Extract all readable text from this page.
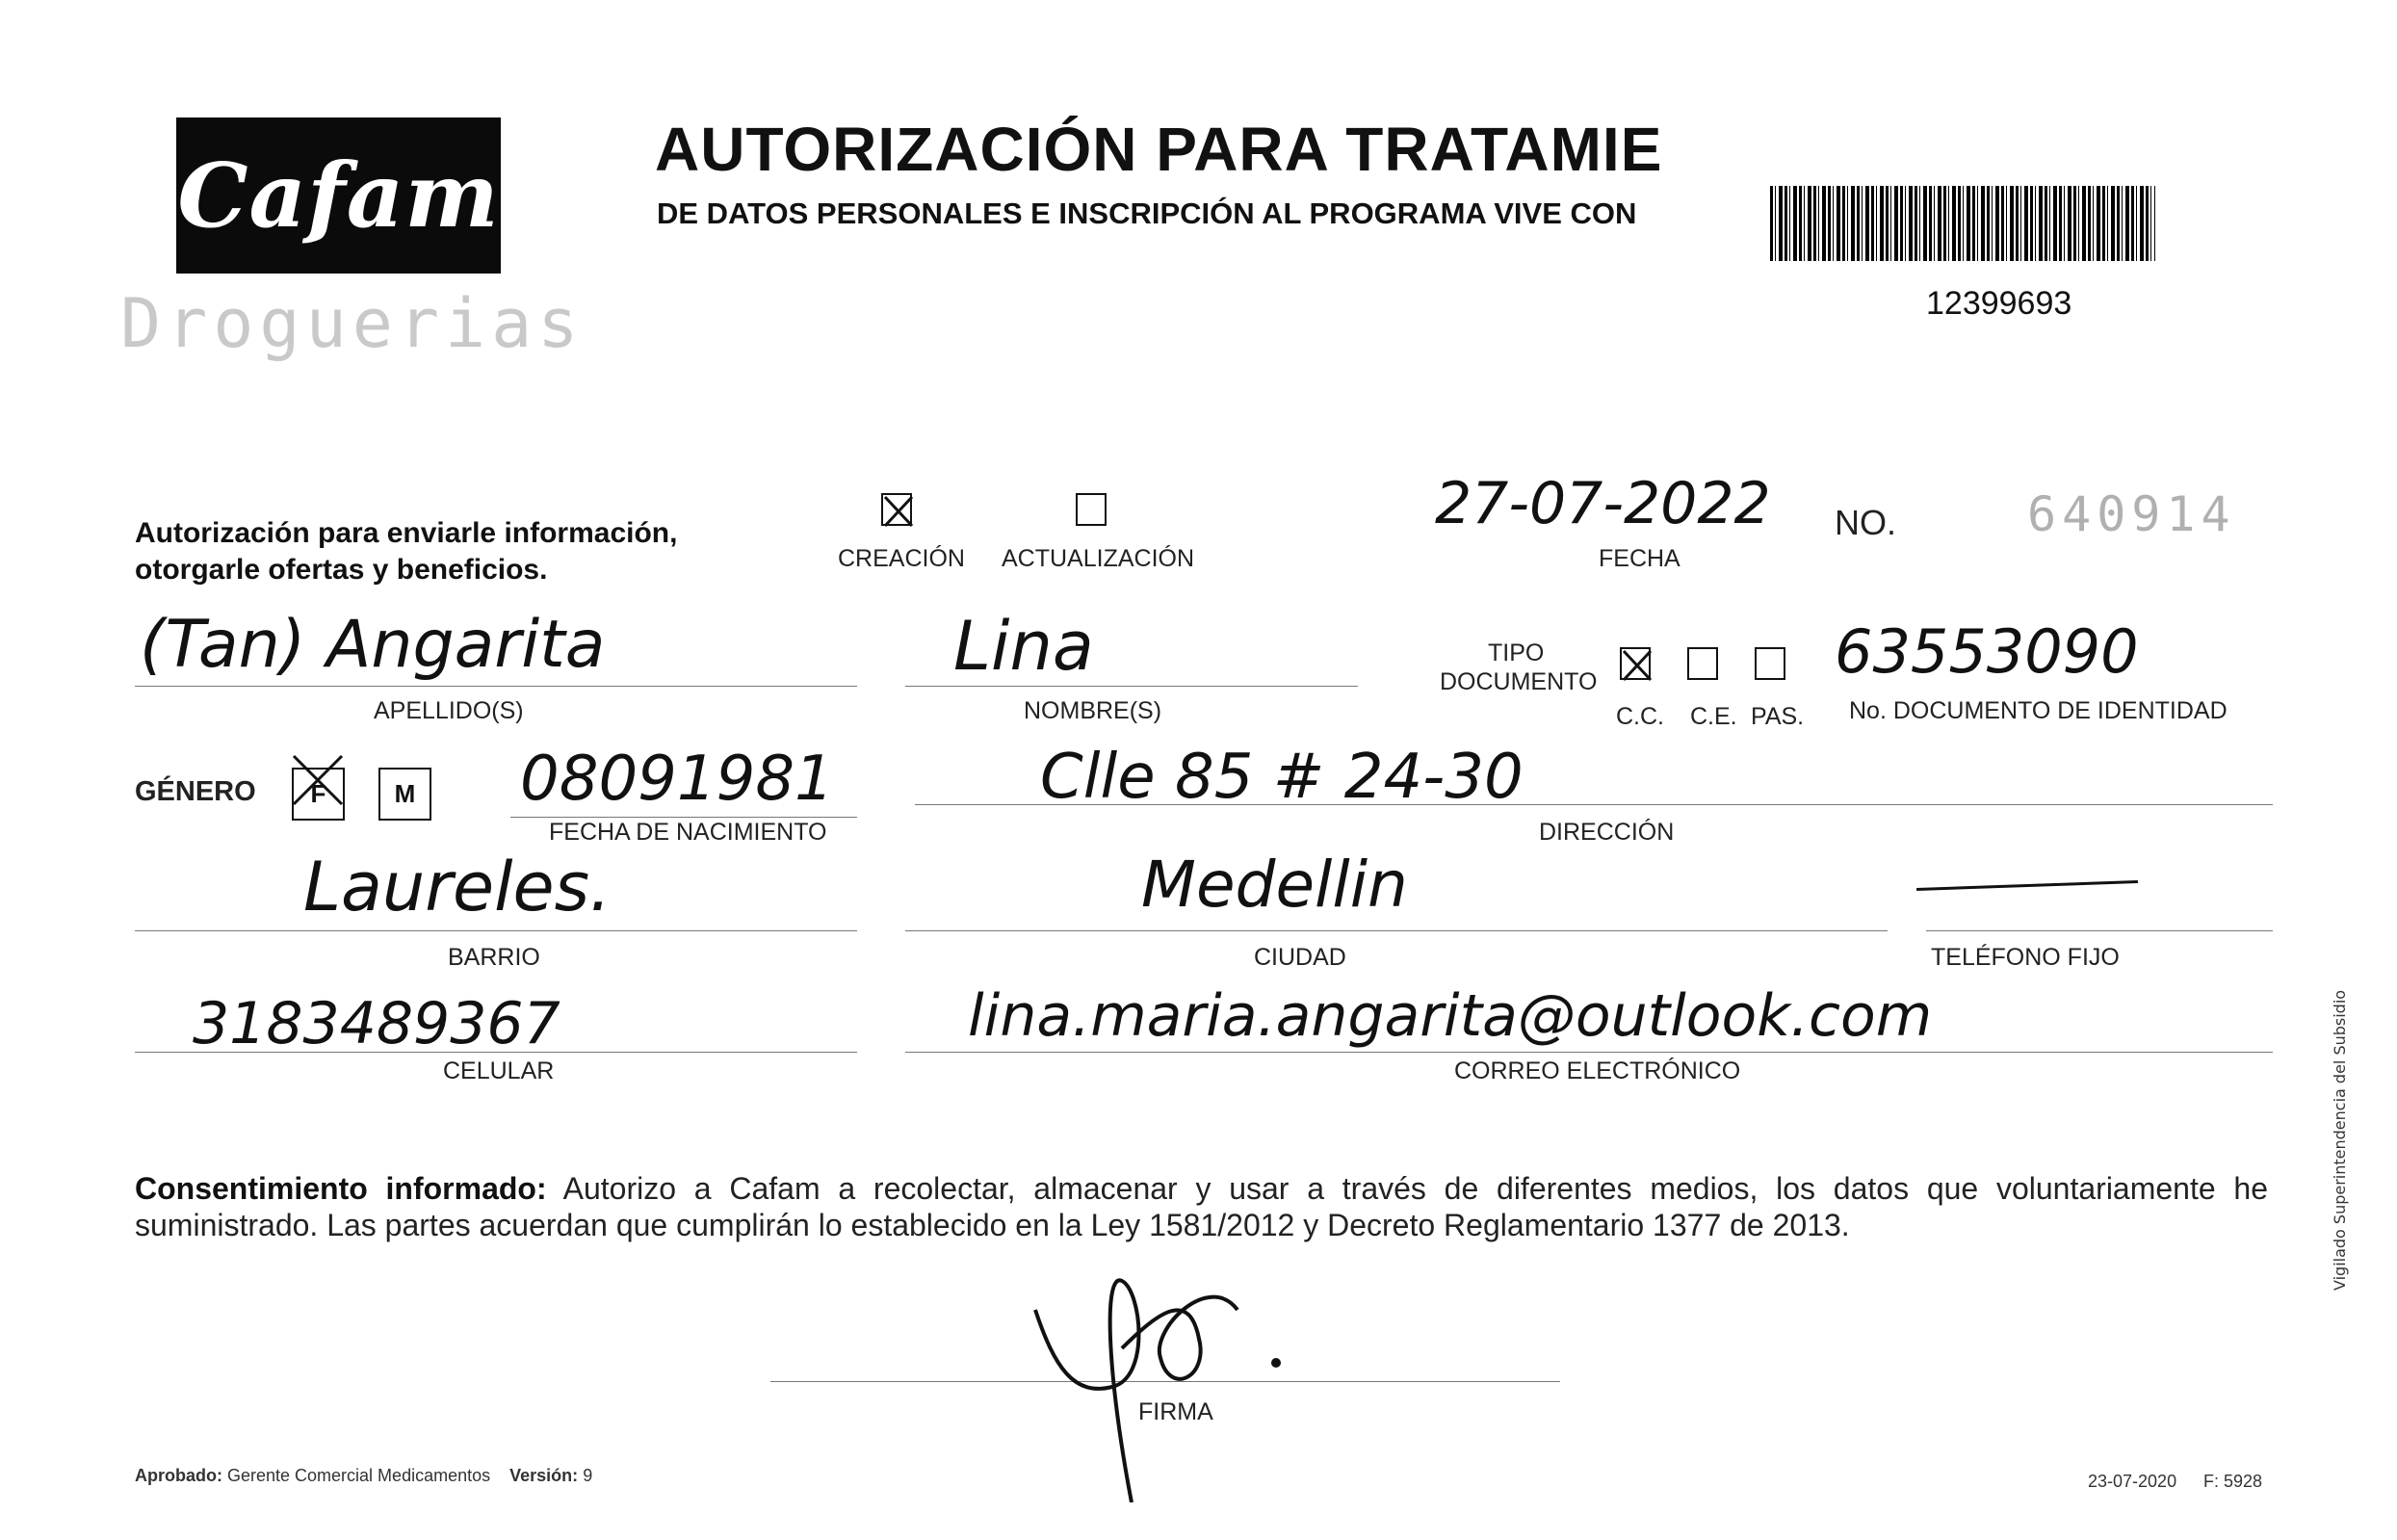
Cafam
Droguerias
AUTORIZACIÓN PARA TRATAMIE
DE DATOS PERSONALES E INSCRIPCIÓN AL PROGRAMA VIVE CON
12399693
Autorización para enviarle información, otorgarle ofertas y beneficios.	CREACIÓN ACTUALIZACIÓN
27-07-2022
FECHA
NO.	640914
(Tan) Angarita
APELLIDO(S)
Lina
NOMBRE(S)
TIPO
DOCUMENTO
C.C. C.E. PAS.
63553090
No. DOCUMENTO DE IDENTIDAD
GÉNERO F	M 08091981
FECHA DE NACIMIENTO
Clle 85 # 24-30
DIRECCIÓN
Laureles.
BARRIO
Medellin
CIUDAD	TELÉFONO FIJO
3183489367
CELULAR
lina.maria.angarita@outlook.com
CORREO ELECTRÓNICO
Consentimiento informado: Autorizo a Cafam a recolectar, almacenar y usar a través de diferentes medios, los datos que voluntariamente he suministrado. Las partes acuerdan que cumplirán lo establecido en la Ley 1581/2012 y Decreto Reglamentario 1377 de 2013.
FIRMA
Aprobado: Gerente Comercial Medicamentos Versión: 9	23-07-2020 F: 5928
Vigilado Superintendencia del Subsidio
